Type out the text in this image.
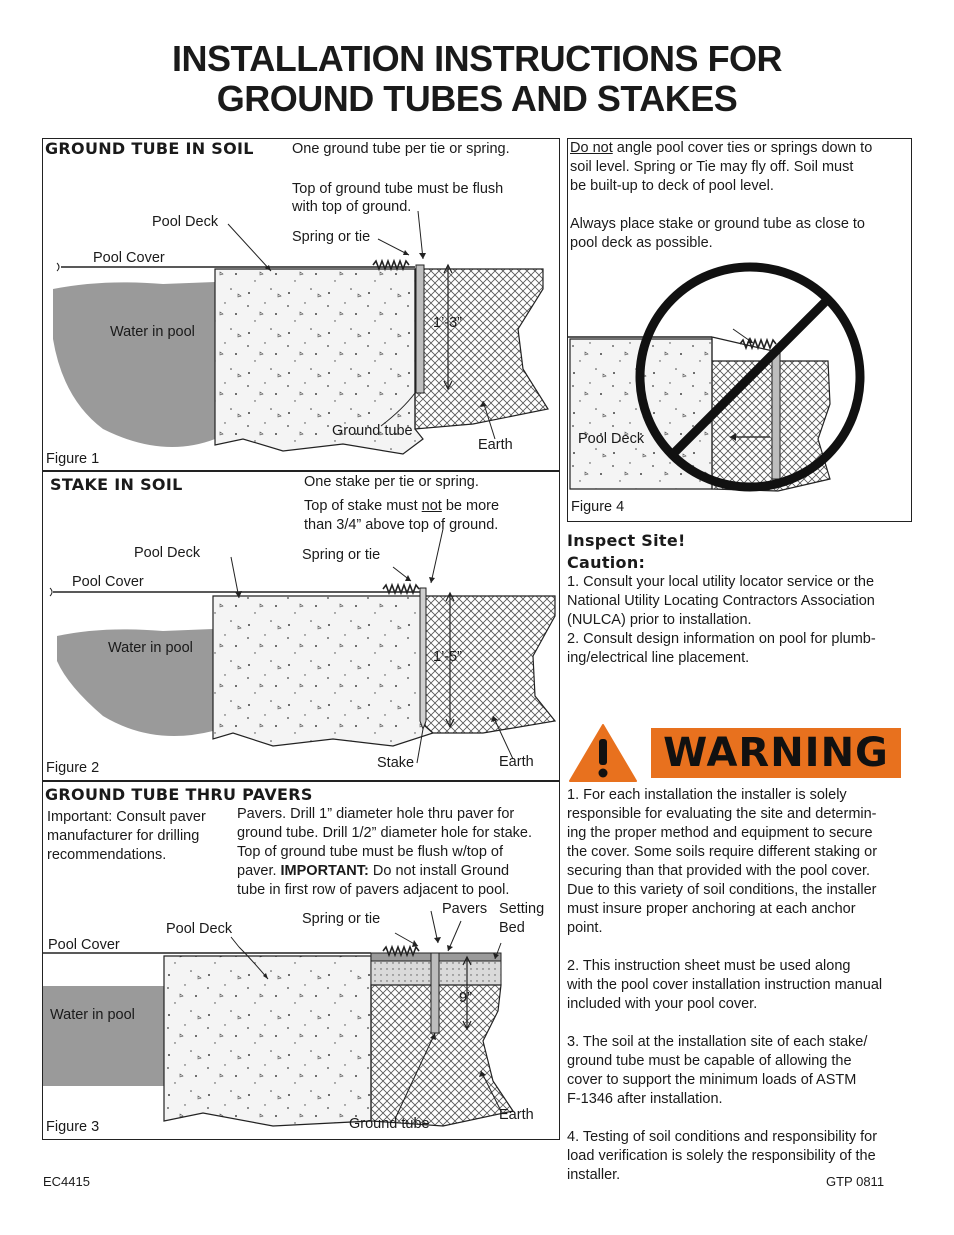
INSTALLATION INSTRUCTIONS FOR
GROUND TUBES AND STAKES
GROUND TUBE IN SOIL	One ground tube per tie or spring.
Top of ground tube must be flush
with top of ground.
Pool Deck
Spring or tie
Pool Cover
Water in pool
1’-3”
Ground tube
Earth
Figure 1
STAKE IN SOIL	One stake per tie or spring.
Top of stake must not be more
than 3/4” above top of ground.
Pool Deck	Spring or tie
Pool Cover
Water in pool
1’-5”
Stake	Earth
Figure 2
GROUND TUBE THRU PAVERS
Important: Consult paver
manufacturer for drilling
recommendations.
Pavers. Drill 1” diameter hole thru paver for
ground tube. Drill 1/2” diameter hole for stake.
Top of ground tube must be flush w/top of
paver. IMPORTANT: Do not install Ground
tube in first row of pavers adjacent to pool.
Pavers Setting
Bed
Spring or tie
Pool Deck
Pool Cover
Water in pool
9”
Earth
Ground tube
Figure 3
Do not angle pool cover ties or springs down to
soil level. Spring or Tie may fly off. Soil must
be built-up to deck of pool level.

Always place stake or ground tube as close to
pool deck as possible.
Pool Deck
Figure 4
Inspect Site!
Caution:
1. Consult your local utility locator service or the
National Utility Locating Contractors Association
(NULCA) prior to installation.
2. Consult design information on pool for plumb-
ing/electrical line placement.
WARNING
1. For each installation the installer is solely
responsible for evaluating the site and determin-
ing the proper method and equipment to secure
the cover. Some soils require different staking or
securing than that provided with the pool cover.
Due to this variety of soil conditions, the installer
must insure proper anchoring at each anchor
point.

2. This instruction sheet must be used along
with the pool cover installation instruction manual
included with your pool cover.

3. The soil at the installation site of each stake/
ground tube must be capable of allowing the
cover to support the minimum loads of ASTM
F-1346 after installation.

4. Testing of soil conditions and responsibility for
load verification is solely the responsibility of the
installer.
EC4415	GTP 0811
